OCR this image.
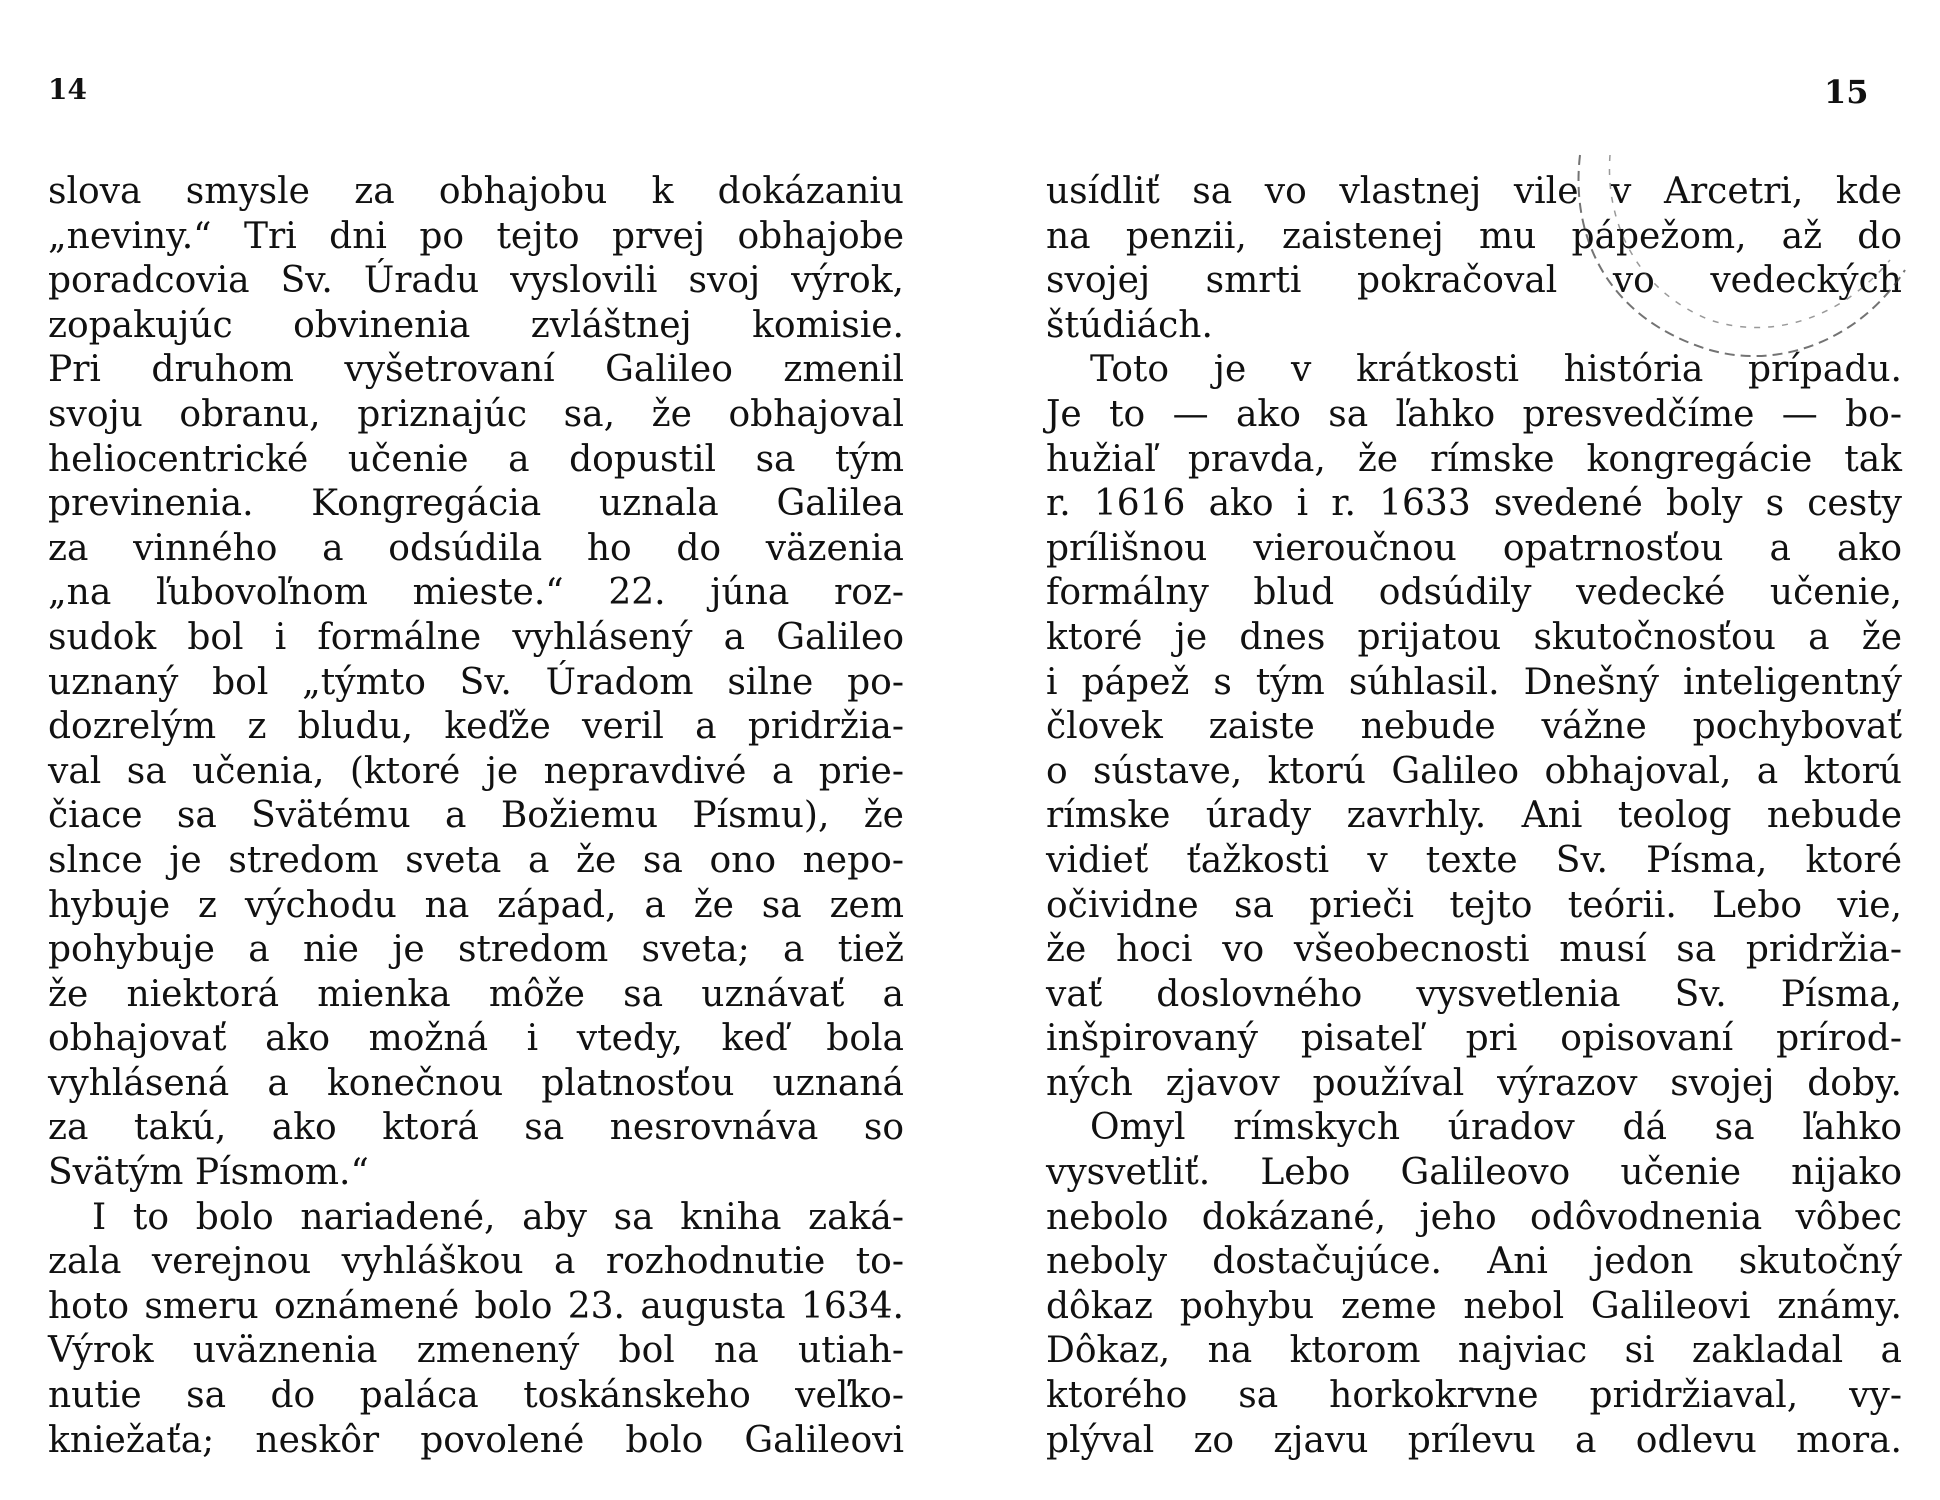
14	15
slova smysle za obhajobu k dokázaniu
„neviny.“ Tri dni po tejto prvej obhajobe
poradcovia Sv. Úradu vyslovili svoj výrok,
zopakujúc obvinenia zvláštnej komisie.
Pri druhom vyšetrovaní Galileo zmenil
svoju obranu, priznajúc sa, že obhajoval
heliocentrické učenie a dopustil sa tým
previnenia. Kongregácia uznala Galilea
za vinného a odsúdila ho do väzenia
„na ľubovoľnom mieste.“ 22. júna roz-
sudok bol i formálne vyhlásený a Galileo
uznaný bol „týmto Sv. Úradom silne po-
dozrelým z bludu, keďže veril a pridržia-
val sa učenia, (ktoré je nepravdivé a prie-
čiace sa Svätému a Božiemu Písmu), že
slnce je stredom sveta a že sa ono nepo-
hybuje z východu na západ, a že sa zem
pohybuje a nie je stredom sveta; a tiež
že niektorá mienka môže sa uznávať a
obhajovať ako možná i vtedy, keď bola
vyhlásená a konečnou platnosťou uznaná
za takú, ako ktorá sa nesrovnáva so
Svätým Písmom.“
I to bolo nariadené, aby sa kniha zaká-
zala verejnou vyhláškou a rozhodnutie to-
hoto smeru oznámené bolo 23. augusta 1634.
Výrok uväznenia zmenený bol na utiah-
nutie sa do paláca toskánskeho veľko-
kniežaťa; neskôr povolené bolo Galileovi
usídliť sa vo vlastnej vile v Arcetri, kde
na penzii, zaistenej mu pápežom, až do
svojej smrti pokračoval vo vedeckých
štúdiách.
Toto je v krátkosti história prípadu.
Je to — ako sa ľahko presvedčíme — bo-
hužiaľ pravda, že rímske kongregácie tak
r. 1616 ako i r. 1633 svedené boly s cesty
prílišnou vieroučnou opatrnosťou a ako
formálny blud odsúdily vedecké učenie,
ktoré je dnes prijatou skutočnosťou a že
i pápež s tým súhlasil. Dnešný inteligentný
človek zaiste nebude vážne pochybovať
o sústave, ktorú Galileo obhajoval, a ktorú
rímske úrady zavrhly. Ani teolog nebude
vidieť ťažkosti v texte Sv. Písma, ktoré
očividne sa prieči tejto teórii. Lebo vie,
že hoci vo všeobecnosti musí sa pridržia-
vať doslovného vysvetlenia Sv. Písma,
inšpirovaný pisateľ pri opisovaní prírod-
ných zjavov používal výrazov svojej doby.
Omyl rímskych úradov dá sa ľahko
vysvetliť. Lebo Galileovo učenie nijako
nebolo dokázané, jeho odôvodnenia vôbec
neboly dostačujúce. Ani jedon skutočný
dôkaz pohybu zeme nebol Galileovi známy.
Dôkaz, na ktorom najviac si zakladal a
ktorého sa horkokrvne pridržiaval, vy-
plýval zo zjavu prílevu a odlevu mora.
